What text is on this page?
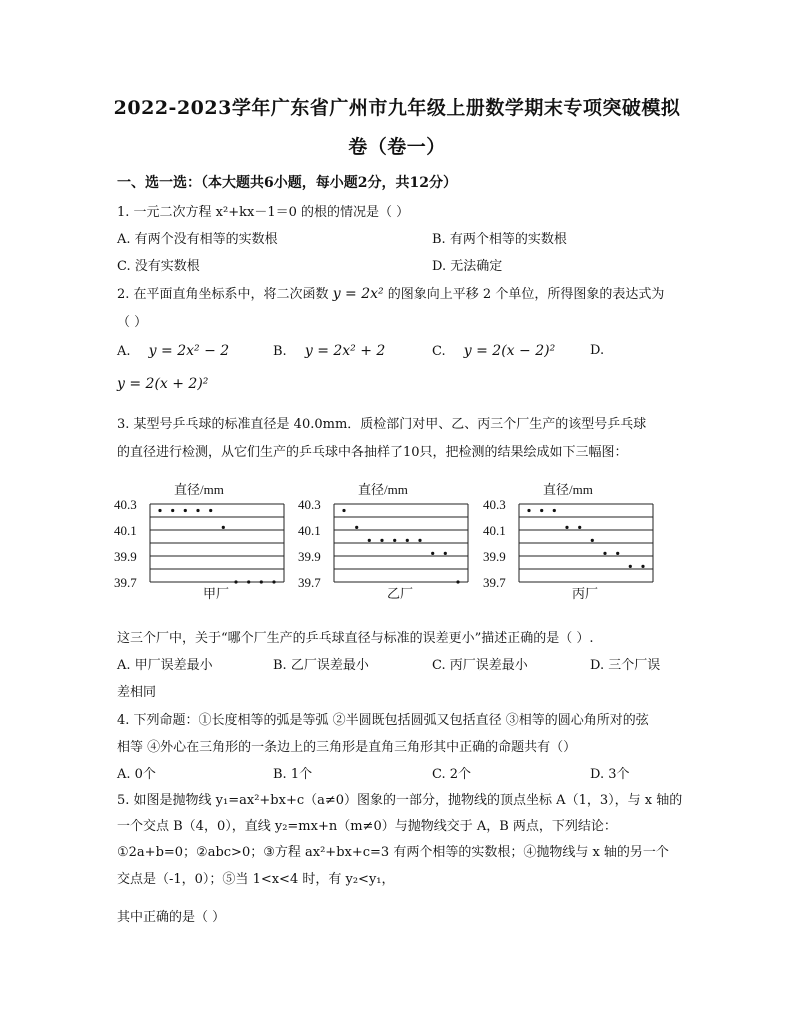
2022-2023学年广东省广州市九年级上册数学期末专项突破模拟
卷（卷一）
一、选一选：（本大题共6小题，每小题2分，共12分）
1. 一元二次方程 x²+kx－1＝0 的根的情况是（ ）
A. 有两个没有相等的实数根	B. 有两个相等的实数根
C. 没有实数根	D. 无法确定
2. 在平面直角坐标系中，将二次函数 y = 2x² 的图象向上平移 2 个单位，所得图象的表达式为
（ ）
A. y = 2x² − 2	B. y = 2x² + 2	C. y = 2(x − 2)²	D.
y = 2(x + 2)²
3. 某型号乒乓球的标准直径是 40.0mm．质检部门对甲、乙、丙三个厂生产的该型号乒乓球
的直径进行检测，从它们生产的乒乓球中各抽样了10只，把检测的结果绘成如下三幅图：
直径/mm
40.3
40.1
39.9
39.7
甲厂
直径/mm
40.3
40.1
39.9
39.7
乙厂
直径/mm
40.3
40.1
39.9
39.7
丙厂
这三个厂中，关于“哪个厂生产的乒乓球直径与标准的误差更小”描述正确的是（ ）.
A. 甲厂误差最小	B. 乙厂误差最小	C. 丙厂误差最小	D. 三个厂误
差相同
4. 下列命题：①长度相等的弧是等弧 ②半圆既包括圆弧又包括直径 ③相等的圆心角所对的弦
相等 ④外心在三角形的一条边上的三角形是直角三角形其中正确的命题共有（）
A. 0个	B. 1个	C. 2个	D. 3个
5. 如图是抛物线 y₁=ax²+bx+c（a≠0）图象的一部分，抛物线的顶点坐标 A（1，3），与 x 轴的
一个交点 B（4，0），直线 y₂=mx+n（m≠0）与抛物线交于 A，B 两点，下列结论：
①2a+b=0；②abc>0；③方程 ax²+bx+c=3 有两个相等的实数根；④抛物线与 x 轴的另一个
交点是（-1，0）；⑤当 1<x<4 时，有 y₂<y₁，
其中正确的是（ ）
